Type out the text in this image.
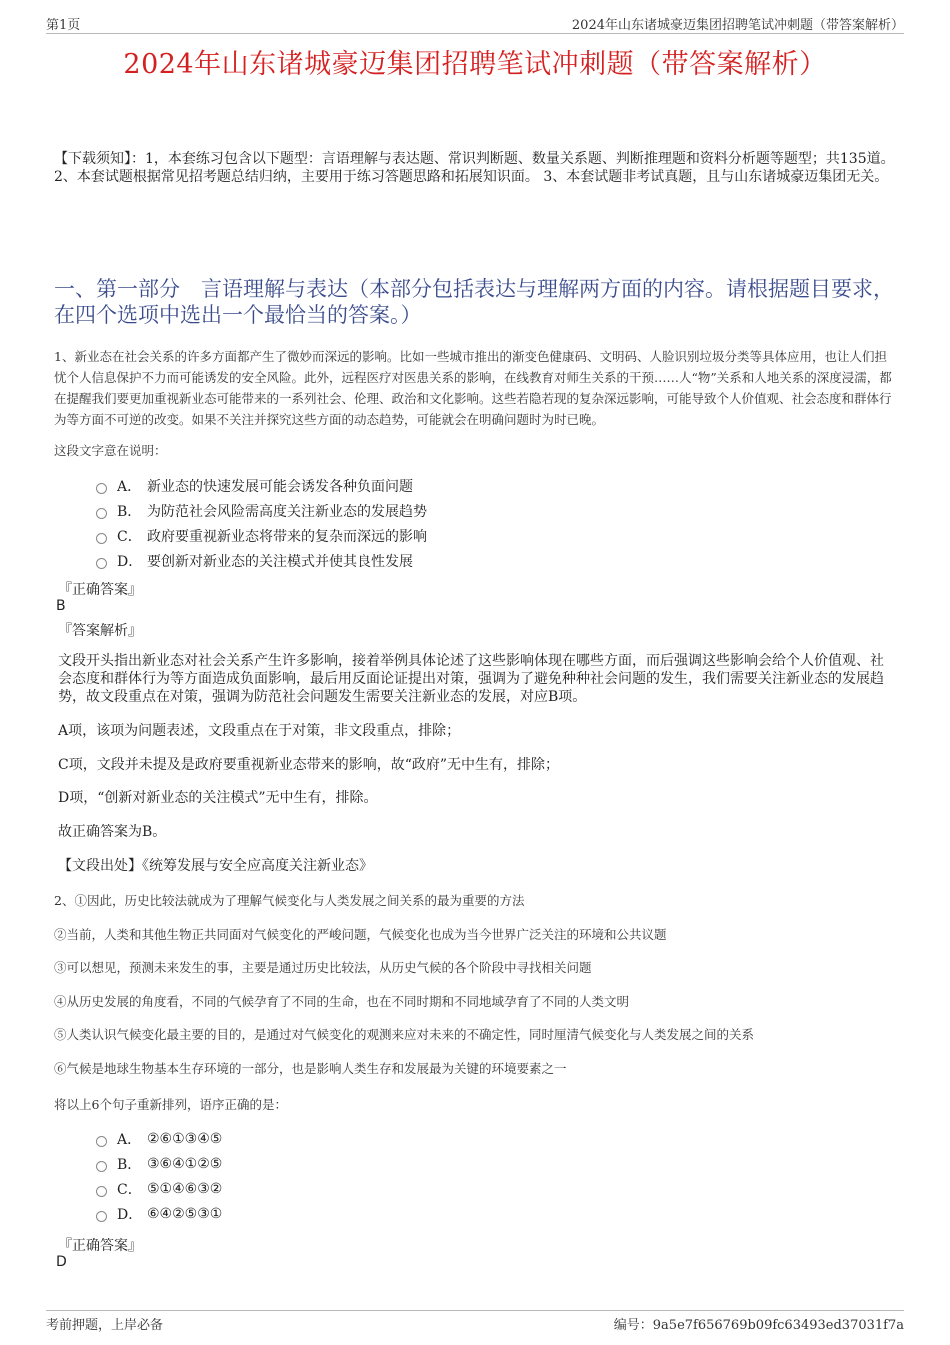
第1页	2024年山东诸城豪迈集团招聘笔试冲刺题（带答案解析）
2024年山东诸城豪迈集团招聘笔试冲刺题（带答案解析）
【下载须知】：1，本套练习包含以下题型：言语理解与表达题、常识判断题、数量关系题、判断推理题和资料分析题等题型；共135道。 2、本套试题根据常见招考题总结归纳，主要用于练习答题思路和拓展知识面。 3、本套试题非考试真题，且与山东诸城豪迈集团无关。
一、第一部分　言语理解与表达（本部分包括表达与理解两方面的内容。请根据题目要求，在四个选项中选出一个最恰当的答案。）
1、新业态在社会关系的许多方面都产生了微妙而深远的影响。比如一些城市推出的渐变色健康码、文明码、人脸识别垃圾分类等具体应用，也让人们担忧个人信息保护不力而可能诱发的安全风险。此外，远程医疗对医患关系的影响，在线教育对师生关系的干预……人“物”关系和人地关系的深度浸濡，都在提醒我们要更加重视新业态可能带来的一系列社会、伦理、政治和文化影响。这些若隐若现的复杂深远影响，可能导致个人价值观、社会态度和群体行为等方面不可逆的改变。如果不关注并探究这些方面的动态趋势，可能就会在明确问题时为时已晚。
这段文字意在说明：
A． 新业态的快速发展可能会诱发各种负面问题
B． 为防范社会风险需高度关注新业态的发展趋势
C． 政府要重视新业态将带来的复杂而深远的影响
D． 要创新对新业态的关注模式并使其良性发展
『正确答案』
B
『答案解析』
文段开头指出新业态对社会关系产生许多影响，接着举例具体论述了这些影响体现在哪些方面，而后强调这些影响会给个人价值观、社会态度和群体行为等方面造成负面影响，最后用反面论证提出对策，强调为了避免种种社会问题的发生，我们需要关注新业态的发展趋势，故文段重点在对策，强调为防范社会问题发生需要关注新业态的发展，对应B项。
A项，该项为问题表述，文段重点在于对策，非文段重点，排除；
C项，文段并未提及是政府要重视新业态带来的影响，故“政府”无中生有，排除；
D项，“创新对新业态的关注模式”无中生有，排除。
故正确答案为B。
【文段出处】《统筹发展与安全应高度关注新业态》
2、①因此，历史比较法就成为了理解气候变化与人类发展之间关系的最为重要的方法
②当前，人类和其他生物正共同面对气候变化的严峻问题，气候变化也成为当今世界广泛关注的环境和公共议题
③可以想见，预测未来发生的事，主要是通过历史比较法，从历史气候的各个阶段中寻找相关问题
④从历史发展的角度看，不同的气候孕育了不同的生命，也在不同时期和不同地域孕育了不同的人类文明
⑤人类认识气候变化最主要的目的，是通过对气候变化的观测来应对未来的不确定性，同时厘清气候变化与人类发展之间的关系
⑥气候是地球生物基本生存环境的一部分，也是影响人类生存和发展最为关键的环境要素之一
将以上6个句子重新排列，语序正确的是：
A． ②⑥①③④⑤
B． ③⑥④①②⑤
C． ⑤①④⑥③②
D． ⑥④②⑤③①
『正确答案』
D
考前押题，上岸必备	编号：9a5e7f656769b09fc63493ed37031f7a
